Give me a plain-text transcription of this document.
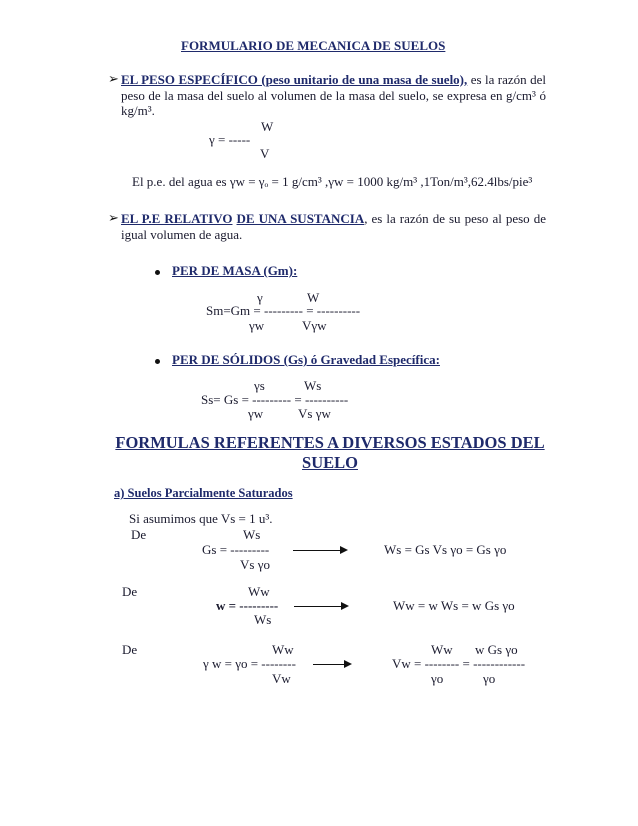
FORMULARIO DE MECANICA DE SUELOS
➢ EL PESO ESPECÍFICO (peso unitario de una masa de suelo), es la razón del peso de la masa del suelo al volumen de la masa del suelo, se expresa en g/cm³ ó kg/m³.
W
γ = -----
V
El p.e. del agua es γw = γₒ = 1 g/cm³ ,γw = 1000 kg/m³ ,1Ton/m³,62.4lbs/pie³
➢ EL P.E RELATIVO DE UNA SUSTANCIA, es la razón de su peso al peso de igual volumen de agua.
PER DE MASA (Gm):
γ	W
Sm=Gm = --------- = ----------
γw	Vγw
PER DE SÓLIDOS (Gs) ó Gravedad Específica:
γs	Ws
Ss= Gs = --------- = ----------
γw	Vs γw
FORMULAS REFERENTES A DIVERSOS ESTADOS DEL
SUELO
a) Suelos Parcialmente Saturados
Si asumimos que Vs = 1 u³.
De	Ws
Gs = ---------
Vs γo
Ws = Gs Vs γo = Gs γo
De	Ww
w = ---------
Ws
Ww = w Ws = w Gs γo
De	Ww
γ w = γo = --------
Vw
Ww w Gs γo
Vw = -------- = ------------
γo	γo
